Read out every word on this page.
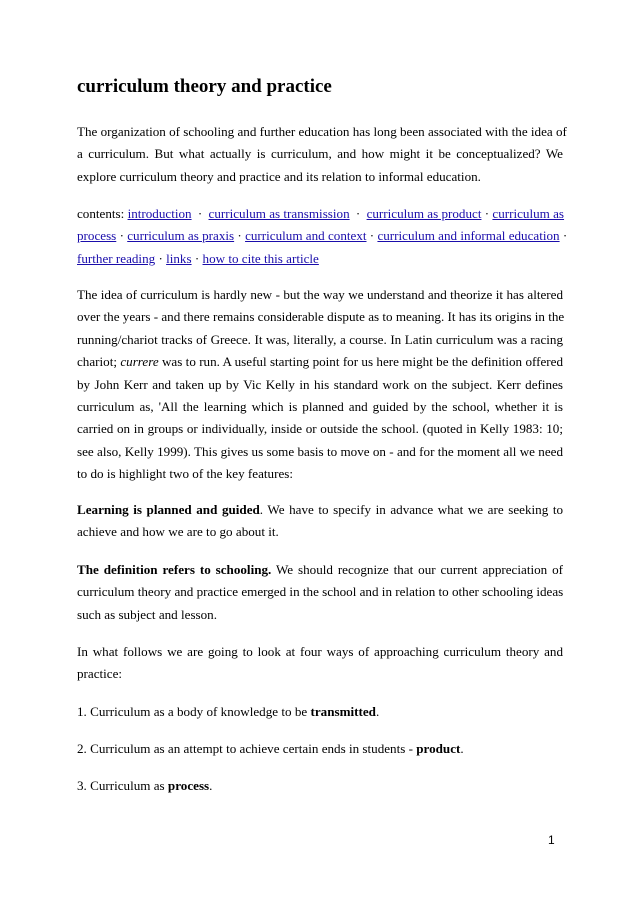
curriculum theory and practice

The organization of schooling and further education has long been associated with the idea of
a curriculum. But what actually is curriculum, and how might it be conceptualized? We
explore curriculum theory and practice and its relation to informal education.

contents: introduction · curriculum as transmission · curriculum as product · curriculum as
process · curriculum as praxis · curriculum and context · curriculum and informal education ·
further reading · links · how to cite this article

The idea of curriculum is hardly new - but the way we understand and theorize it has altered
over the years - and there remains considerable dispute as to meaning. It has its origins in the
running/chariot tracks of Greece. It was, literally, a course. In Latin curriculum was a racing
chariot; currere was to run. A useful starting point for us here might be the definition offered
by John Kerr and taken up by Vic Kelly in his standard work on the subject. Kerr defines
curriculum as, 'All the learning which is planned and guided by the school, whether it is
carried on in groups or individually, inside or outside the school. (quoted in Kelly 1983: 10;
see also, Kelly 1999). This gives us some basis to move on - and for the moment all we need
to do is highlight two of the key features:

Learning is planned and guided. We have to specify in advance what we are seeking to
achieve and how we are to go about it.

The definition refers to schooling. We should recognize that our current appreciation of
curriculum theory and practice emerged in the school and in relation to other schooling ideas
such as subject and lesson.

In what follows we are going to look at four ways of approaching curriculum theory and
practice:

1. Curriculum as a body of knowledge to be transmitted.

2. Curriculum as an attempt to achieve certain ends in students - product.

3. Curriculum as process.

1
